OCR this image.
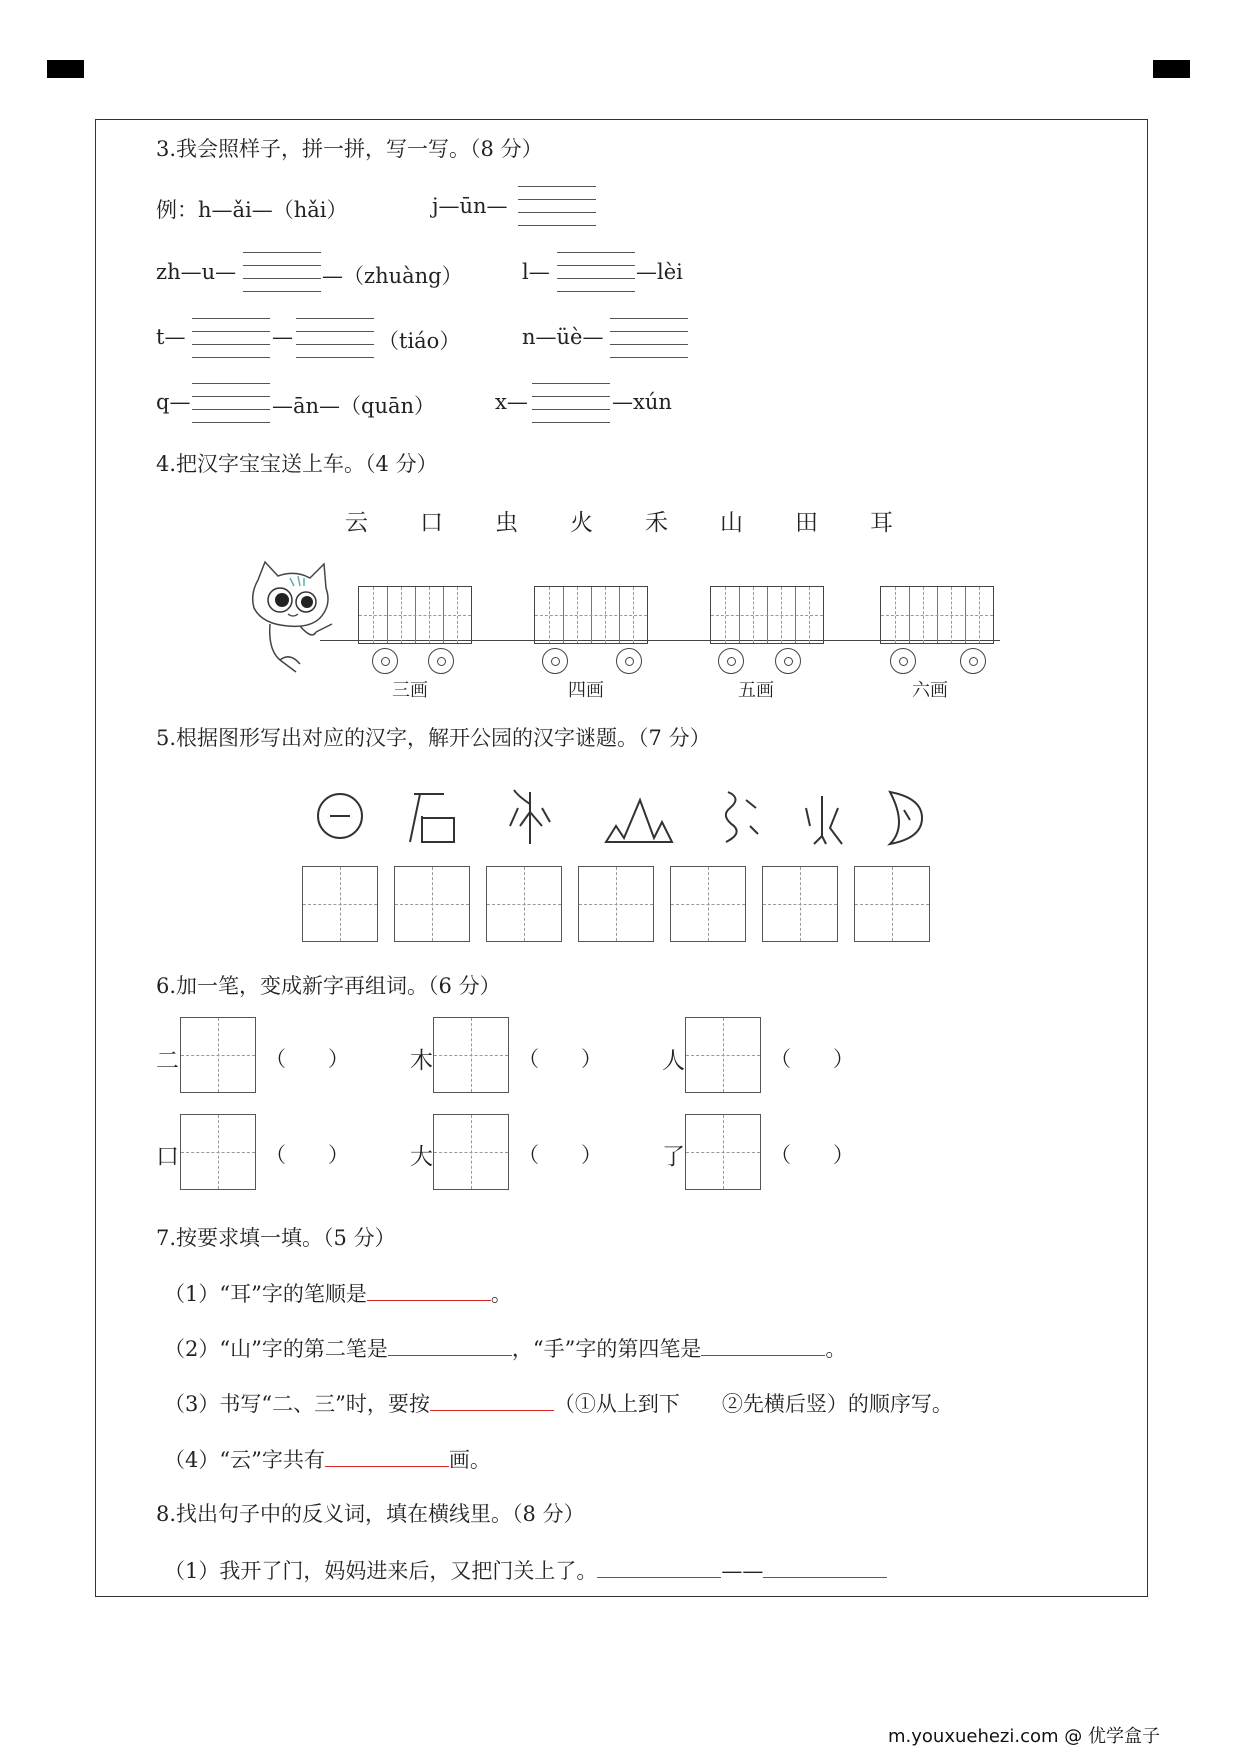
3.我会照样子，拼一拼，写一写。（8 分）
例：h—ǎi—（hǎi）	j—ūn—
zh—u—	—（zhuàng）	l—	—lèi
t—	—	（tiáo）	n—üè—
q—	—ān—（quān）	x—	—xún
4.把汉字宝宝送上车。（4 分）
云 口 虫 火 禾 山 田 耳
三画	四画	五画	六画
5.根据图形写出对应的汉字，解开公园的汉字谜题。（7 分）
6.加一笔，变成新字再组词。（6 分）
二	（　　）	木	（　　）	人	（　　）
口	（　　）	大	（　　）	了	（　　）
7.按要求填一填。（5 分）
（1）“耳”字的笔顺是	。
（2）“山”字的第二笔是	，“手”字的第四笔是	。
（3）书写“二、三”时，要按	（①从上到下　　②先横后竖）的顺序写。
（4）“云”字共有	画。
8.找出句子中的反义词，填在横线里。（8 分）
（1）我开了门，妈妈进来后，又把门关上了。	——
m.youxuehezi.com @ 优学盒子
